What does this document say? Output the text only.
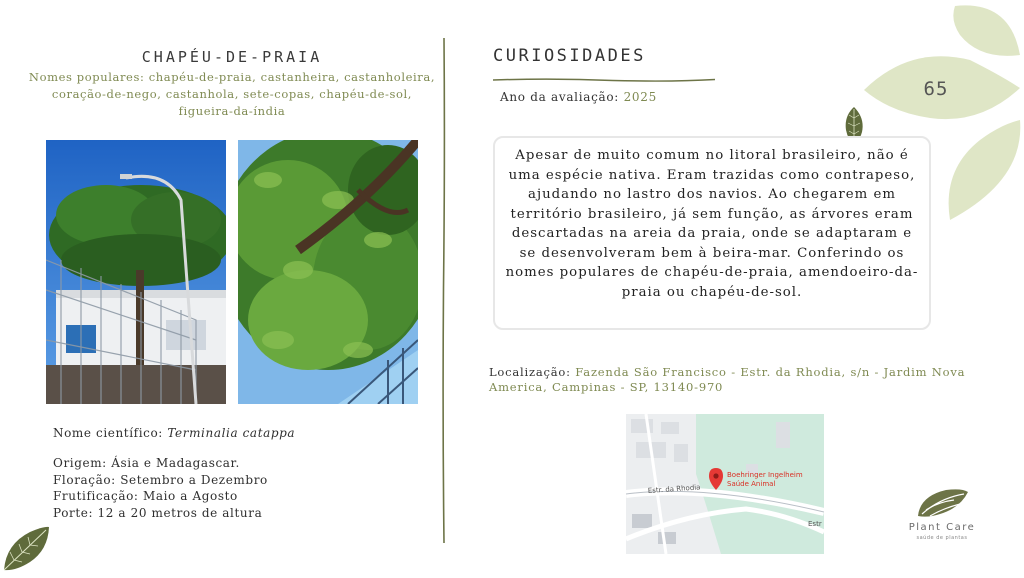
CHAPÉU-DE-PRAIA
Nomes populares: chapéu-de-praia, castanheira, castanholeira, coração-de-nego, castanhola, sete-copas, chapéu-de-sol, figueira-da-índia
Nome científico: Terminalia catappa
Origem: Ásia e Madagascar.
Floração: Setembro a Dezembro
Frutificação: Maio a Agosto
Porte: 12 a 20 metros de altura
CURIOSIDADES
Ano da avaliação: 2025	65
Apesar de muito comum no litoral brasileiro, não é uma espécie nativa. Eram trazidas como contrapeso, ajudando no lastro dos navios. Ao chegarem em território brasileiro, já sem função, as árvores eram descartadas na areia da praia, onde se adaptaram e se desenvolveram bem à beira-mar. Conferindo os nomes populares de chapéu-de-praia, amendoeiro-da-praia ou chapéu-de-sol.
Localização: Fazenda São Francisco - Estr. da Rhodia, s/n - Jardim Nova America, Campinas - SP, 13140-970
Estr. da Rhodia
Estr
Boehringer Ingelheim
Saúde Animal
Plant Care
saúde de plantas
